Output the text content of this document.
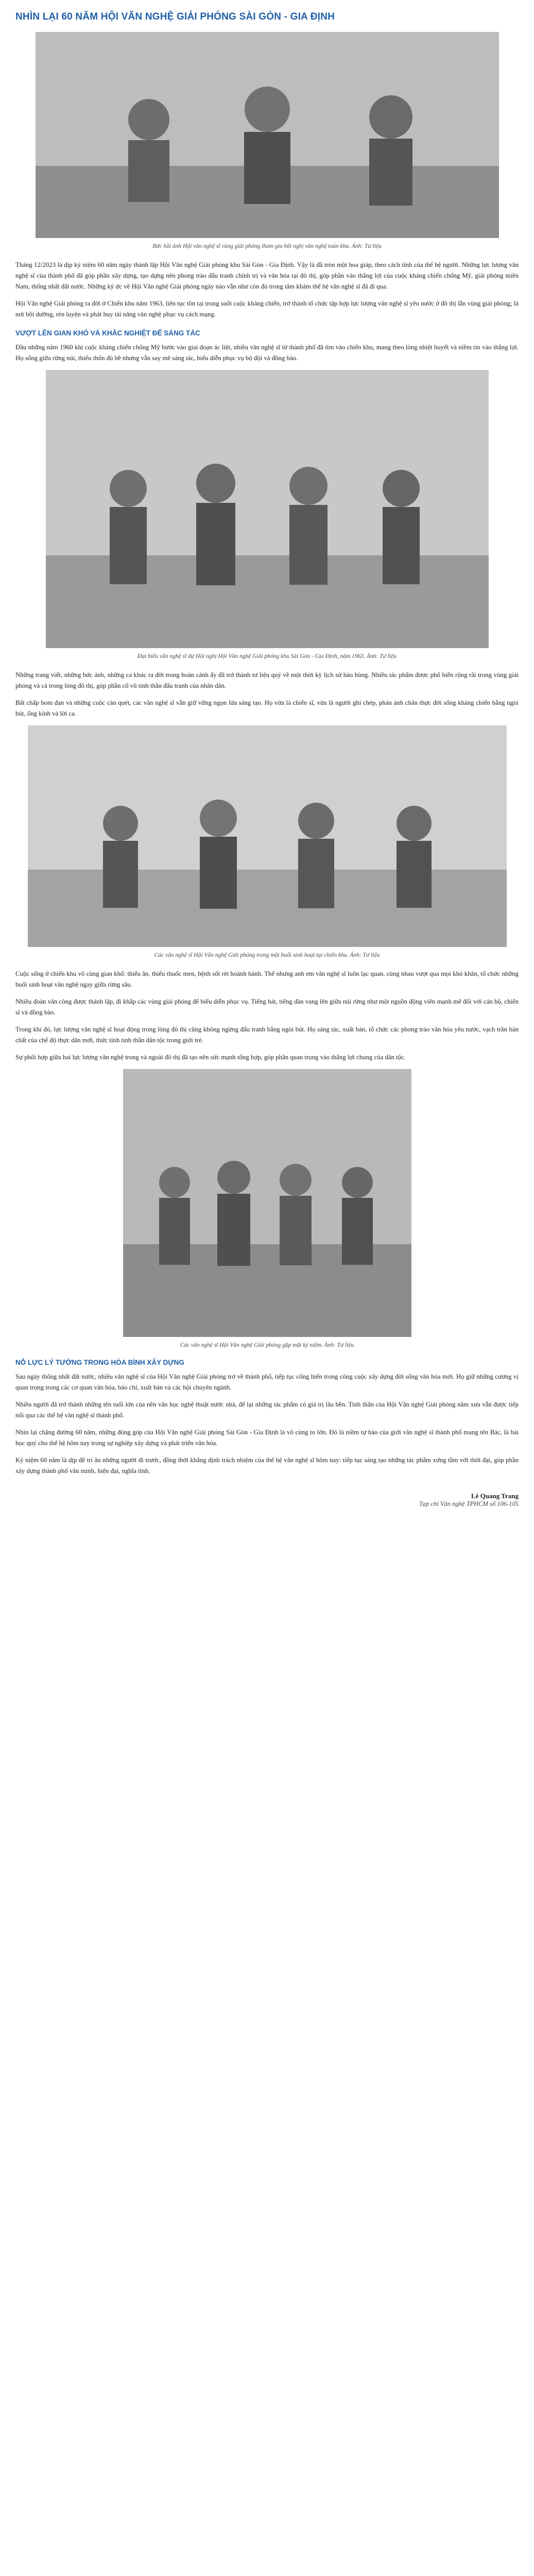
NHÌN LẠI 60 NĂM HỘI VĂN NGHỆ GIẢI PHÓNG SÀI GÒN - GIA ĐỊNH

Bức hồi ảnh Hội văn nghệ sĩ vùng giải phóng tham gia hội nghị văn nghệ toàn khu. Ảnh: Tư liệu

Tháng 12/2023 là dịp kỷ niệm 60 năm ngày thành lập Hội Văn nghệ Giải phóng khu Sài Gòn - Gia Định. Vậy là đã tròn một hoa giáp, theo cách tính của thế hệ người. Những lực lượng văn nghệ sĩ của thành phố đã góp phần xây dựng, tạo dựng nên phong trào đấu tranh chính trị và văn hóa tại đô thị, góp phần vào thắng lợi của cuộc kháng chiến chống Mỹ, giải phóng miền Nam, thống nhất đất nước. Những ký ức về Hội Văn nghệ Giải phóng ngày nào vẫn như còn đó trong tâm khảm thế hệ văn nghệ sĩ đã đi qua.

Hội Văn nghệ Giải phóng ra đời ở Chiến khu năm 1963, liên tục tồn tại trong suốt cuộc kháng chiến, trở thành tổ chức tập hợp lực lượng văn nghệ sĩ yêu nước ở đô thị lẫn vùng giải phóng; là nơi bồi dưỡng, rèn luyện và phát huy tài năng văn nghệ phục vụ cách mạng.

VƯỢT LÊN GIAN KHÓ VÀ KHẮC NGHIỆT ĐỂ SÁNG TÁC

Đầu những năm 1960 khi cuộc kháng chiến chống Mỹ bước vào giai đoạn ác liệt, nhiều văn nghệ sĩ từ thành phố đã tìm vào chiến khu, mang theo lòng nhiệt huyết và niềm tin vào thắng lợi. Họ sống giữa rừng núi, thiếu thốn đủ bề nhưng vẫn say mê sáng tác, biểu diễn phục vụ bộ đội và đồng bào.

Đại biểu văn nghệ sĩ dự Hội nghị Hội Văn nghệ Giải phóng khu Sài Gòn - Gia Định, năm 1963. Ảnh: Tư liệu

Những trang viết, những bức ảnh, những ca khúc ra đời trong hoàn cảnh ấy đã trở thành tư liệu quý về một thời kỳ lịch sử hào hùng. Nhiều tác phẩm được phổ biến rộng rãi trong vùng giải phóng và cả trong lòng đô thị, góp phần cổ vũ tinh thần đấu tranh của nhân dân.

Bất chấp bom đạn và những cuộc càn quét, các văn nghệ sĩ vẫn giữ vững ngọn lửa sáng tạo. Họ vừa là chiến sĩ, vừa là người ghi chép, phản ánh chân thực đời sống kháng chiến bằng ngòi bút, ống kính và lời ca.

Các văn nghệ sĩ Hội Văn nghệ Giải phóng trong một buổi sinh hoạt tại chiến khu. Ảnh: Tư liệu

Cuộc sống ở chiến khu vô cùng gian khổ: thiếu ăn, thiếu thuốc men, bệnh sốt rét hoành hành. Thế nhưng anh em văn nghệ sĩ luôn lạc quan, cùng nhau vượt qua mọi khó khăn, tổ chức những buổi sinh hoạt văn nghệ ngay giữa rừng sâu.

Nhiều đoàn văn công được thành lập, đi khắp các vùng giải phóng để biểu diễn phục vụ. Tiếng hát, tiếng đàn vang lên giữa núi rừng như một nguồn động viên mạnh mẽ đối với cán bộ, chiến sĩ và đồng bào.

Trong khi đó, lực lượng văn nghệ sĩ hoạt động trong lòng đô thị cũng không ngừng đấu tranh bằng ngòi bút. Họ sáng tác, xuất bản, tổ chức các phong trào văn hóa yêu nước, vạch trần bản chất của chế độ thực dân mới, thức tỉnh tinh thần dân tộc trong giới trẻ.

Sự phối hợp giữa hai lực lượng văn nghệ trong và ngoài đô thị đã tạo nên sức mạnh tổng hợp, góp phần quan trọng vào thắng lợi chung của dân tộc.

Các văn nghệ sĩ Hội Văn nghệ Giải phóng gặp mặt kỷ niệm. Ảnh: Tư liệu

NỖ LỰC LÝ TƯỞNG TRONG HÒA BÌNH XÂY DỰNG

Sau ngày thống nhất đất nước, nhiều văn nghệ sĩ của Hội Văn nghệ Giải phóng trở về thành phố, tiếp tục cống hiến trong công cuộc xây dựng đời sống văn hóa mới. Họ giữ những cương vị quan trọng trong các cơ quan văn hóa, báo chí, xuất bản và các hội chuyên ngành.

Nhiều người đã trở thành những tên tuổi lớn của nền văn học nghệ thuật nước nhà, để lại những tác phẩm có giá trị lâu bền. Tinh thần của Hội Văn nghệ Giải phóng năm xưa vẫn được tiếp nối qua các thế hệ văn nghệ sĩ thành phố.

Nhìn lại chặng đường 60 năm, những đóng góp của Hội Văn nghệ Giải phóng Sài Gòn - Gia Định là vô cùng to lớn. Đó là niềm tự hào của giới văn nghệ sĩ thành phố mang tên Bác, là bài học quý cho thế hệ hôm nay trong sự nghiệp xây dựng và phát triển văn hóa.

Kỷ niệm 60 năm là dịp để tri ân những người đi trước, đồng thời khẳng định trách nhiệm của thế hệ văn nghệ sĩ hôm nay: tiếp tục sáng tạo những tác phẩm xứng tầm với thời đại, góp phần xây dựng thành phố văn minh, hiện đại, nghĩa tình.

Lê Quang Trang
Tạp chí Văn nghệ TPHCM số 106-105
